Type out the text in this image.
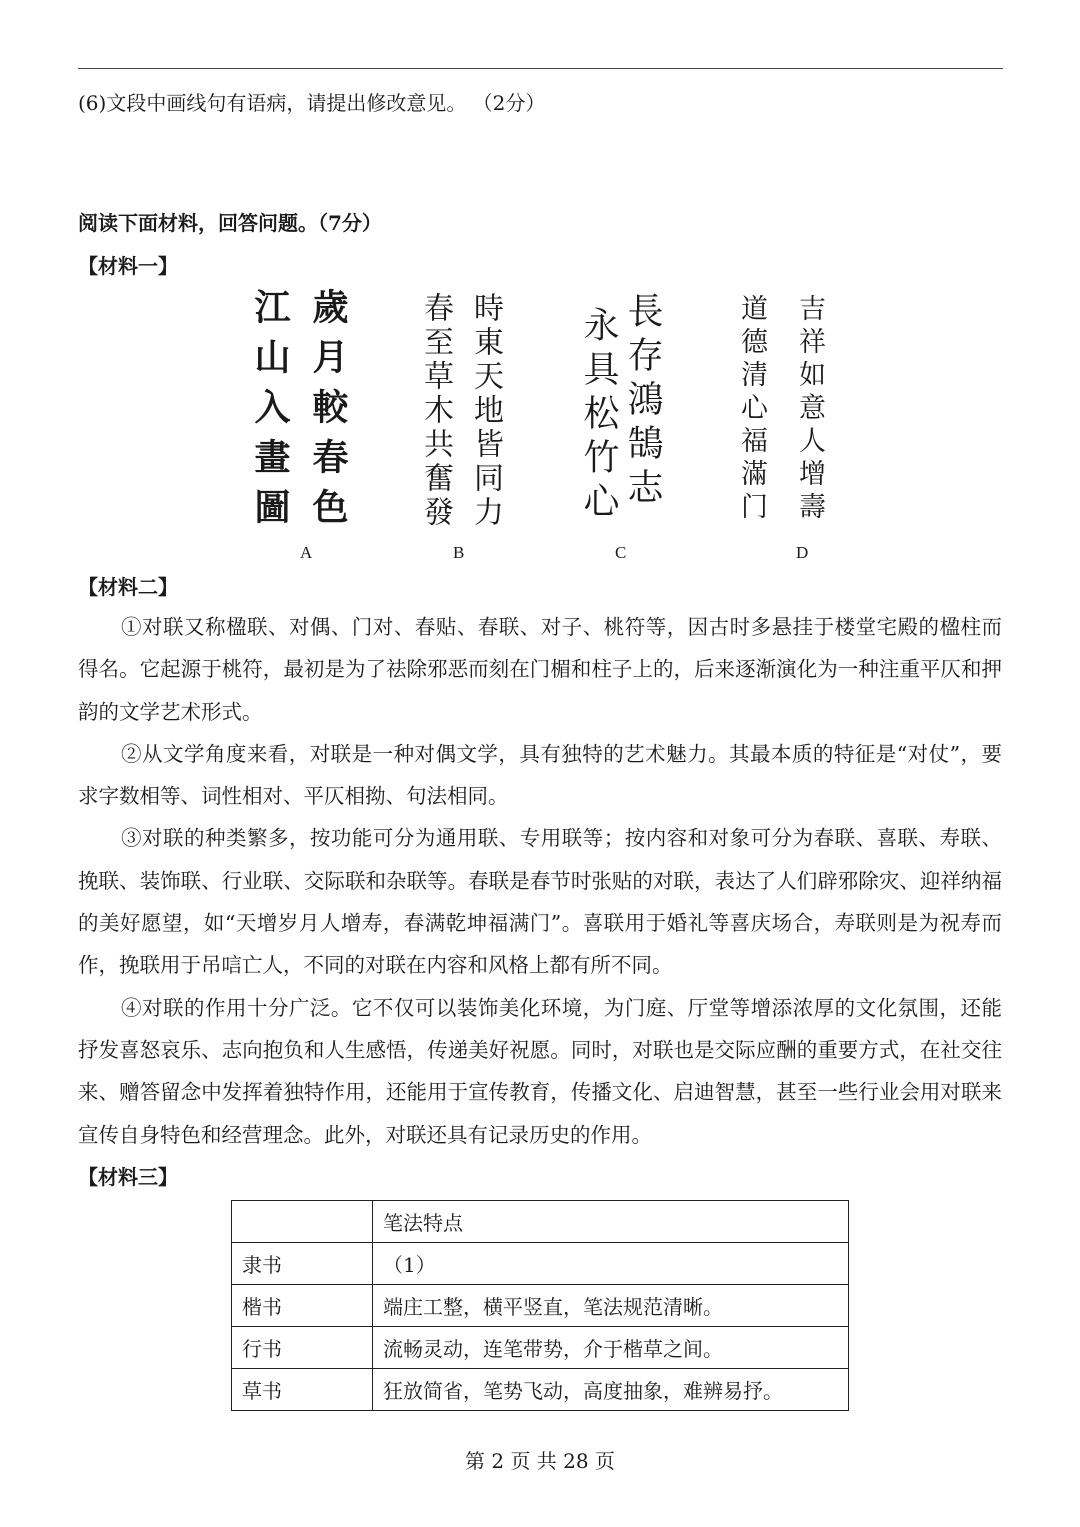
(6)文段中画线句有语病，请提出修改意见。 （2分）
阅读下面材料，回答问题。（7分）
【材料一】
歲月較春色
江山入畫圖	時東天地皆同力
春至草木共奮發	長存鴻鵠志
永具松竹心	吉祥如意人增壽
道德清心福滿门
A	B	C	D
【材料二】

①对联又称楹联、对偶、门对、春贴、春联、对子、桃符等，因古时多悬挂于楼堂宅殿的楹柱而得名。它起源于桃符，最初是为了祛除邪恶而刻在门楣和柱子上的，后来逐渐演化为一种注重平仄和押韵的文学艺术形式。

②从文学角度来看，对联是一种对偶文学，具有独特的艺术魅力。其最本质的特征是“对仗”，要求字数相等、词性相对、平仄相拗、句法相同。

③对联的种类繁多，按功能可分为通用联、专用联等；按内容和对象可分为春联、喜联、寿联、挽联、装饰联、行业联、交际联和杂联等。春联是春节时张贴的对联，表达了人们辟邪除灾、迎祥纳福的美好愿望，如“天增岁月人增寿，春满乾坤福满门”。喜联用于婚礼等喜庆场合，寿联则是为祝寿而作，挽联用于吊唁亡人，不同的对联在内容和风格上都有所不同。

④对联的作用十分广泛。它不仅可以装饰美化环境，为门庭、厅堂等增添浓厚的文化氛围，还能抒发喜怒哀乐、志向抱负和人生感悟，传递美好祝愿。同时，对联也是交际应酬的重要方式，在社交往来、赠答留念中发挥着独特作用，还能用于宣传教育，传播文化、启迪智慧，甚至一些行业会用对联来宣传自身特色和经营理念。此外，对联还具有记录历史的作用。

【材料三】
	笔法特点
隶书	（1）
楷书	端庄工整，横平竖直，笔法规范清晰。
行书	流畅灵动，连笔带势，介于楷草之间。
草书	狂放简省，笔势飞动，高度抽象，难辨易抒。
第 2 页 共 28 页
